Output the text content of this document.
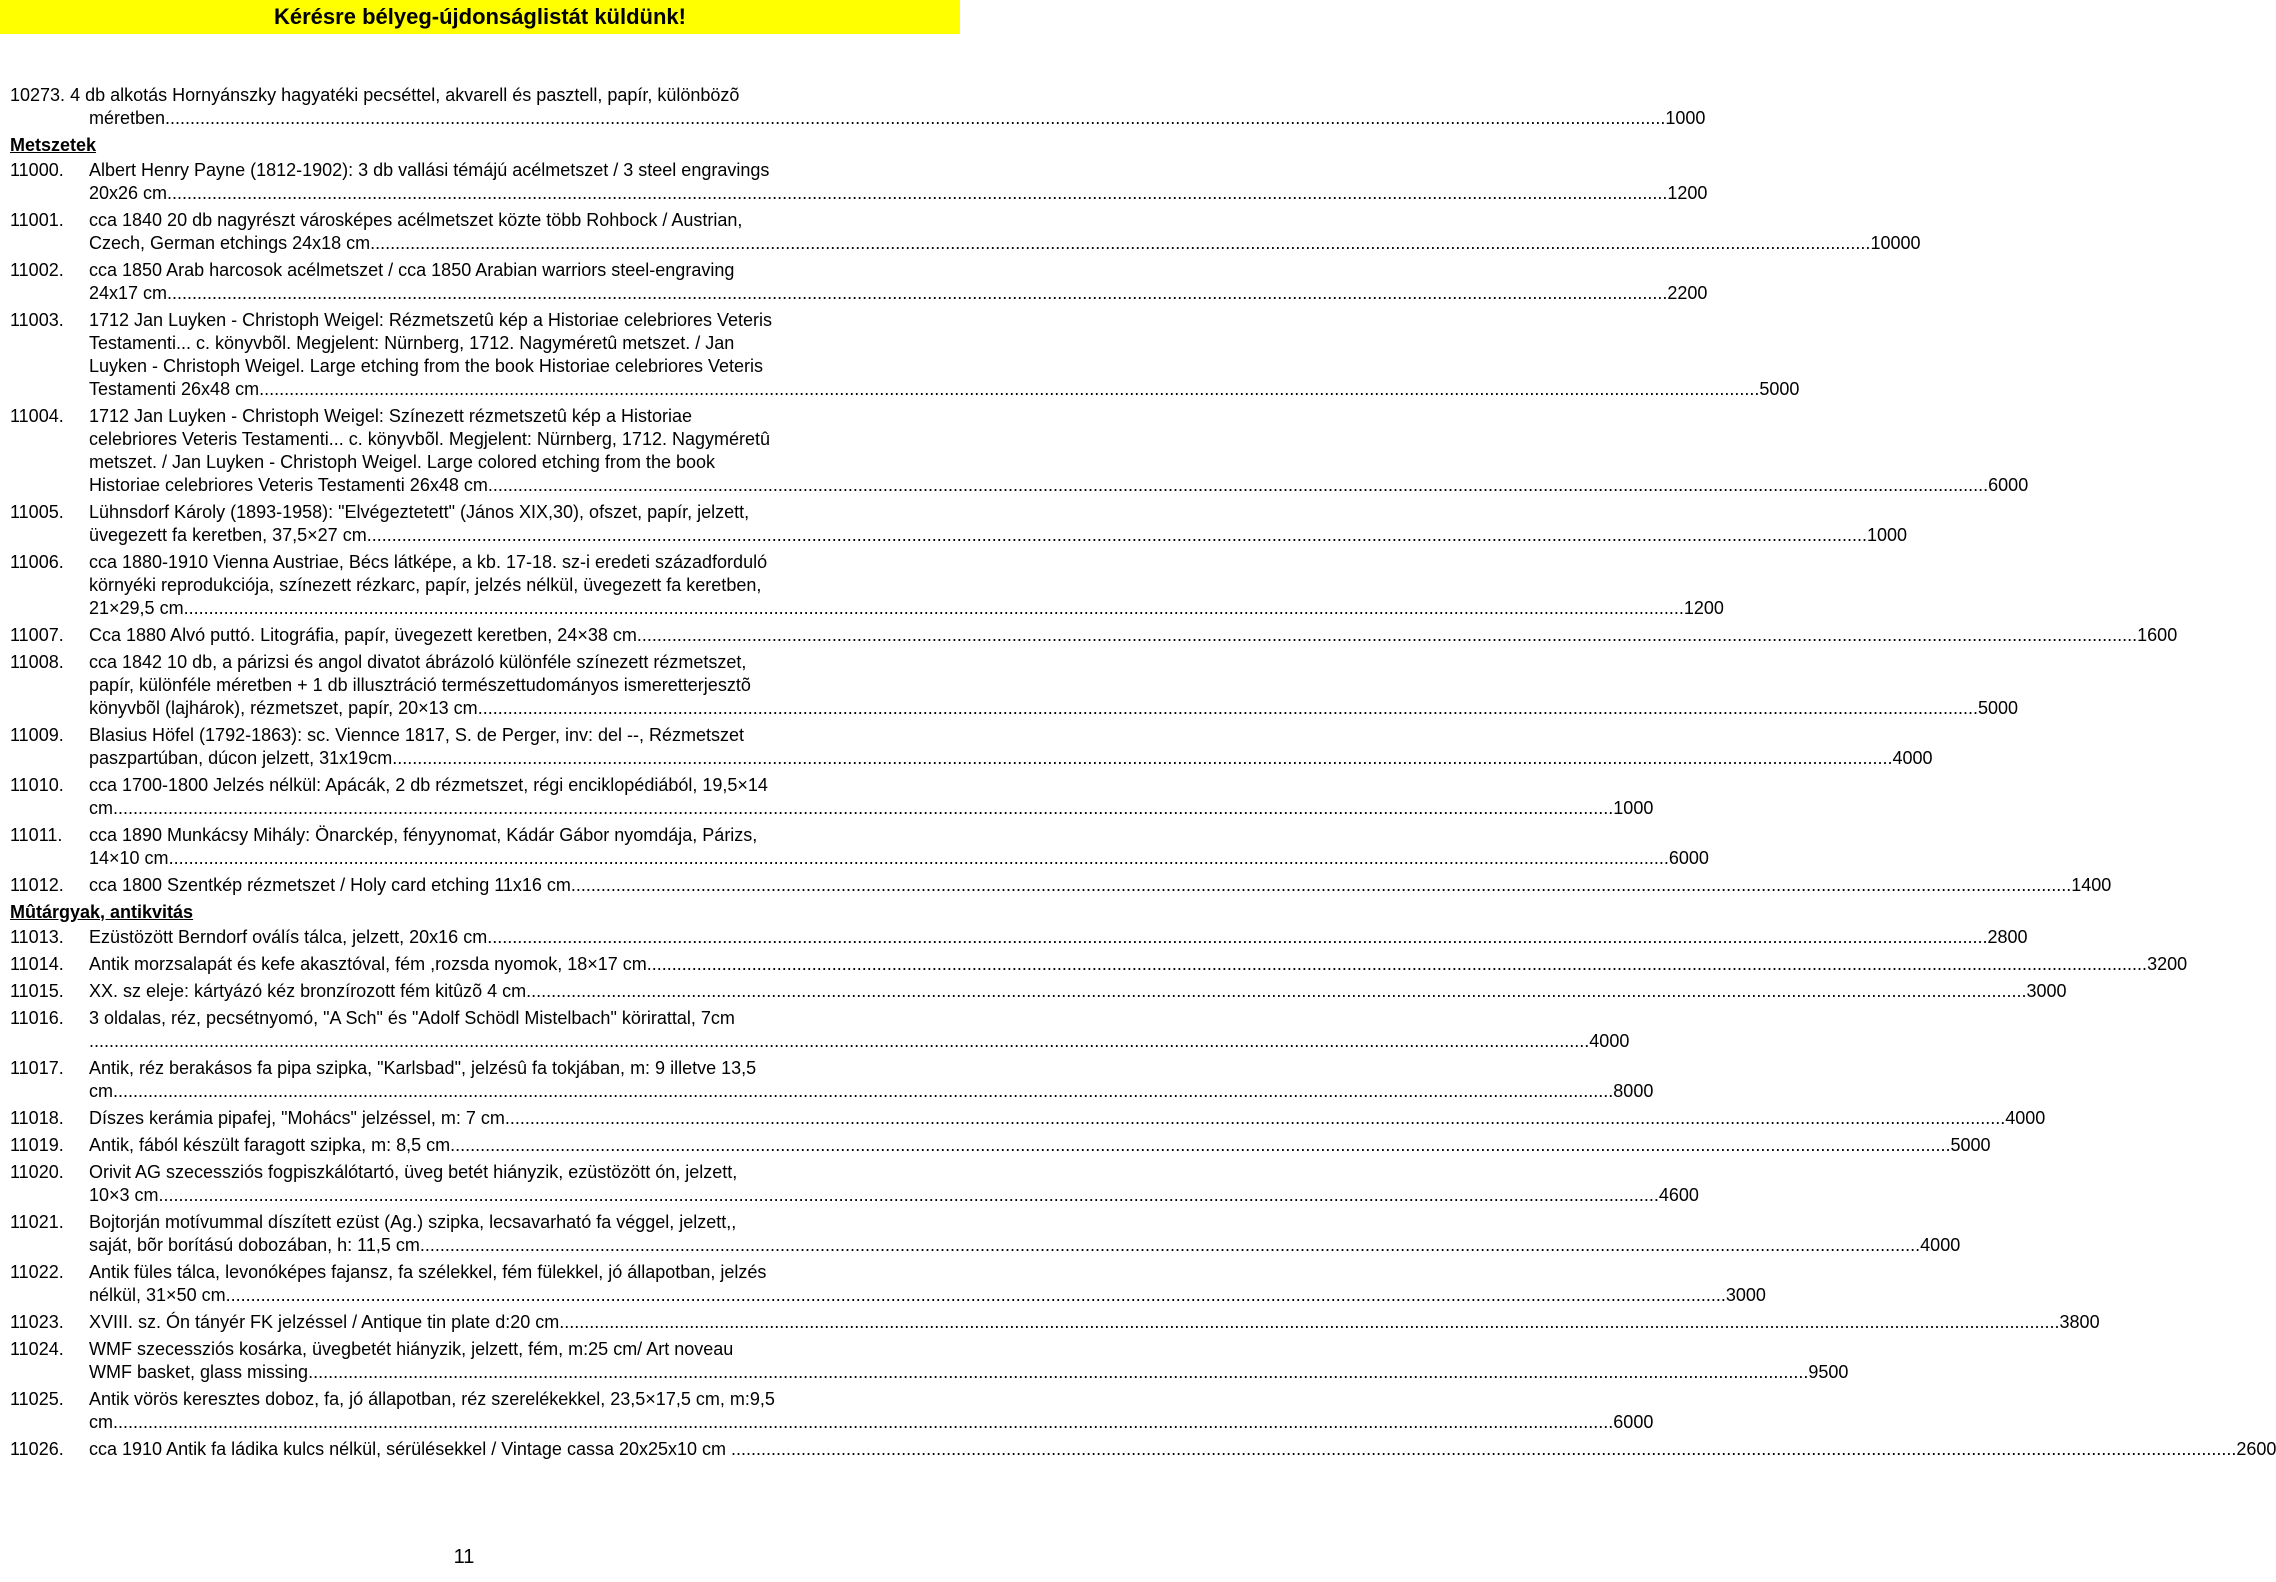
Kérésre bélyeg-újdonságlistát küldünk!
10273. 4 db alkotás Hornyánszky hagyatéki pecséttel, akvarell és pasztell, papír, különbözõ
méretben ............................................................................................................................................................................................................................................................................................................ 1000
Metszetek
11000. Albert Henry Payne (1812-1902): 3 db vallási témájú acélmetszet / 3 steel engravings
20x26 cm ............................................................................................................................................................................................................................................................................................................ 1200
11001. cca 1840 20 db nagyrészt városképes acélmetszet közte több Rohbock / Austrian,
Czech, German etchings 24x18 cm ............................................................................................................................................................................................................................................................................................................ 10000
11002. cca 1850 Arab harcosok acélmetszet / cca 1850 Arabian warriors steel-engraving
24x17 cm ............................................................................................................................................................................................................................................................................................................ 2200
11003. 1712 Jan Luyken - Christoph Weigel: Rézmetszetû kép a Historiae celebriores Veteris
Testamenti... c. könyvbõl. Megjelent: Nürnberg, 1712. Nagyméretû metszet. / Jan
Luyken - Christoph Weigel. Large etching from the book Historiae celebriores Veteris
Testamenti 26x48 cm ............................................................................................................................................................................................................................................................................................................ 5000
11004. 1712 Jan Luyken - Christoph Weigel: Színezett rézmetszetû kép a Historiae
celebriores Veteris Testamenti... c. könyvbõl. Megjelent: Nürnberg, 1712. Nagyméretû
metszet. / Jan Luyken - Christoph Weigel. Large colored etching from the book
Historiae celebriores Veteris Testamenti 26x48 cm ............................................................................................................................................................................................................................................................................................................ 6000
11005. Lühnsdorf Károly (1893-1958): "Elvégeztetett" (János XIX,30), ofszet, papír, jelzett,
üvegezett fa keretben, 37,5×27 cm ............................................................................................................................................................................................................................................................................................................ 1000
11006. cca 1880-1910 Vienna Austriae, Bécs látképe, a kb. 17-18. sz-i eredeti századforduló
környéki reprodukciója, színezett rézkarc, papír, jelzés nélkül, üvegezett fa keretben,
21×29,5 cm ............................................................................................................................................................................................................................................................................................................ 1200
11007. Cca 1880 Alvó puttó. Litográfia, papír, üvegezett keretben, 24×38 cm ............................................................................................................................................................................................................................................................................................................ 1600
11008. cca 1842 10 db, a párizsi és angol divatot ábrázoló különféle színezett rézmetszet,
papír, különféle méretben + 1 db illusztráció természettudományos ismeretterjesztõ
könyvbõl (lajhárok), rézmetszet, papír, 20×13 cm ............................................................................................................................................................................................................................................................................................................ 5000
11009. Blasius Höfel (1792-1863): sc. Viennce 1817, S. de Perger, inv: del --, Rézmetszet
paszpartúban, dúcon jelzett, 31x19cm ............................................................................................................................................................................................................................................................................................................ 4000
11010. cca 1700-1800 Jelzés nélkül: Apácák, 2 db rézmetszet, régi enciklopédiából, 19,5×14
cm ............................................................................................................................................................................................................................................................................................................ 1000
11011. cca 1890 Munkácsy Mihály: Önarckép, fényynomat, Kádár Gábor nyomdája, Párizs,
14×10 cm ............................................................................................................................................................................................................................................................................................................ 6000
11012. cca 1800 Szentkép rézmetszet / Holy card etching 11x16 cm ............................................................................................................................................................................................................................................................................................................ 1400
Mûtárgyak, antikvitás
11013. Ezüstözött Berndorf oválís tálca, jelzett, 20x16 cm ............................................................................................................................................................................................................................................................................................................ 2800
11014. Antik morzsalapát és kefe akasztóval, fém ,rozsda nyomok, 18×17 cm ............................................................................................................................................................................................................................................................................................................ 3200
11015. XX. sz eleje: kártyázó kéz bronzírozott fém kitûzõ 4 cm ............................................................................................................................................................................................................................................................................................................ 3000
11016. 3 oldalas, réz, pecsétnyomó, "A Sch" és "Adolf Schödl Mistelbach" körirattal, 7cm
............................................................................................................................................................................................................................................................................................................ 4000
11017. Antik, réz berakásos fa pipa szipka, "Karlsbad", jelzésû fa tokjában, m: 9 illetve 13,5
cm ............................................................................................................................................................................................................................................................................................................ 8000
11018. Díszes kerámia pipafej, "Mohács" jelzéssel, m: 7 cm ............................................................................................................................................................................................................................................................................................................ 4000
11019. Antik, fából készült faragott szipka, m: 8,5 cm ............................................................................................................................................................................................................................................................................................................ 5000
11020. Orivit AG szecessziós fogpiszkálótartó, üveg betét hiányzik, ezüstözött ón, jelzett,
10×3 cm ............................................................................................................................................................................................................................................................................................................ 4600
11021. Bojtorján motívummal díszített ezüst (Ag.) szipka, lecsavarható fa véggel, jelzett,,
saját, bõr borítású dobozában, h: 11,5 cm ............................................................................................................................................................................................................................................................................................................ 4000
11022. Antik füles tálca, levonóképes fajansz, fa szélekkel, fém fülekkel, jó állapotban, jelzés
nélkül, 31×50 cm ............................................................................................................................................................................................................................................................................................................ 3000
11023. XVIII. sz. Ón tányér FK jelzéssel / Antique tin plate d:20 cm ............................................................................................................................................................................................................................................................................................................ 3800
11024. WMF szecessziós kosárka, üvegbetét hiányzik, jelzett, fém, m:25 cm/ Art noveau
WMF basket, glass missing ............................................................................................................................................................................................................................................................................................................ 9500
11025. Antik vörös keresztes doboz, fa, jó állapotban, réz szerelékekkel, 23,5×17,5 cm, m:9,5
cm ............................................................................................................................................................................................................................................................................................................ 6000
11026. cca 1910 Antik fa ládika kulcs nélkül, sérülésekkel / Vintage cassa 20x25x10 cm . ............................................................................................................................................................................................................................................................................................................ 2600
11
